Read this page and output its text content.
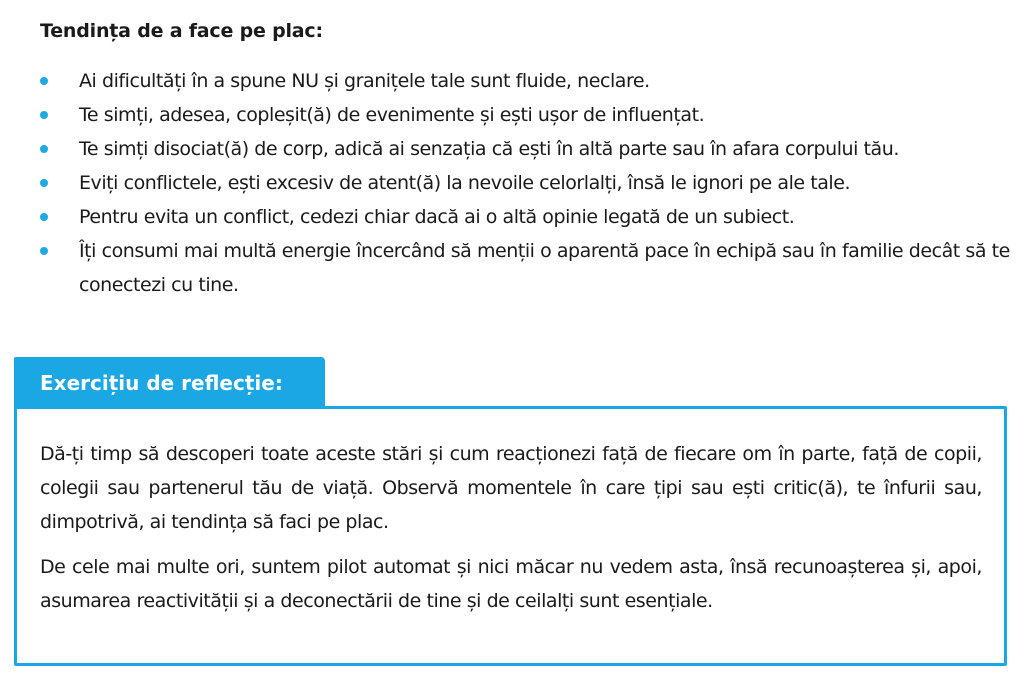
Tendința de a face pe plac:
Ai dificultăți în a spune NU și granițele tale sunt fluide, neclare.
Te simți, adesea, copleșit(ă) de evenimente și ești ușor de influențat.
Te simți disociat(ă) de corp, adică ai senzația că ești în altă parte sau în afara corpului tău.
Eviți conflictele, ești excesiv de atent(ă) la nevoile celorlalți, însă le ignori pe ale tale.
Pentru evita un conflict, cedezi chiar dacă ai o altă opinie legată de un subiect.
Îți consumi mai multă energie încercând să menții o aparentă pace în echipă sau în familie decât să te conectezi cu tine.
Exercițiu de reflecție:

Dă-ți timp să descoperi toate aceste stări și cum reacționezi față de fiecare om în parte, față de copii, colegii sau partenerul tău de viață. Observă momentele în care țipi sau ești critic(ă), te înfurii sau, dimpotrivă, ai tendința să faci pe plac.

De cele mai multe ori, suntem pilot automat și nici măcar nu vedem asta, însă recunoașterea și, apoi, asumarea reactivității și a deconectării de tine și de ceilalți sunt esențiale.
